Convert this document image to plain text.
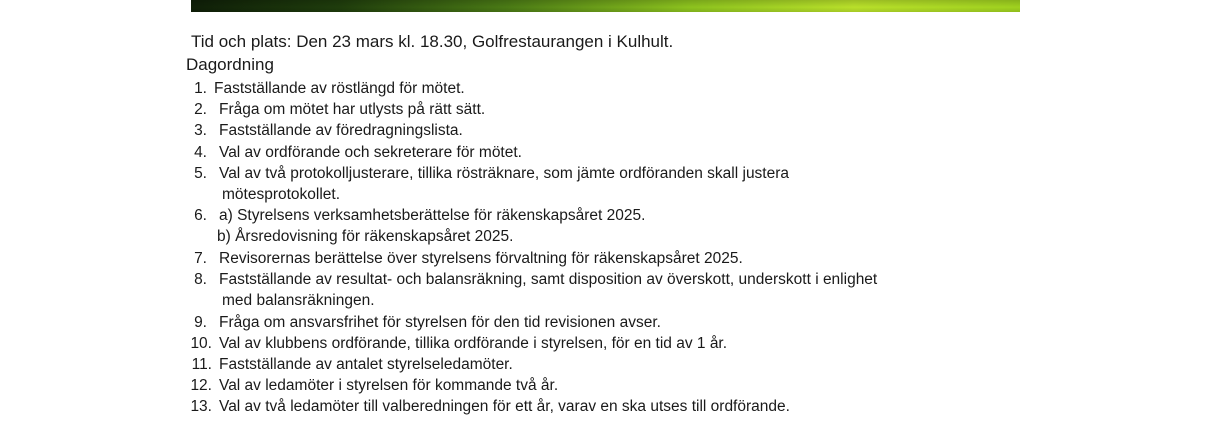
Tid och plats: Den 23 mars kl. 18.30, Golfrestaurangen i Kulhult.
Dagordning
1. Fastställande av röstlängd för mötet.
2. Fråga om mötet har utlysts på rätt sätt.
3. Fastställande av föredragningslista.
4. Val av ordförande och sekreterare för mötet.
5. Val av två protokolljusterare, tillika rösträknare, som jämte ordföranden skall justera
mötesprotokollet.
6. a) Styrelsens verksamhetsberättelse för räkenskapsåret 2025.
b) Årsredovisning för räkenskapsåret 2025.
7. Revisorernas berättelse över styrelsens förvaltning för räkenskapsåret 2025.
8. Fastställande av resultat- och balansräkning, samt disposition av överskott, underskott i enlighet
med balansräkningen.
9. Fråga om ansvarsfrihet för styrelsen för den tid revisionen avser.
10. Val av klubbens ordförande, tillika ordförande i styrelsen, för en tid av 1 år.
11. Fastställande av antalet styrelseledamöter.
12. Val av ledamöter i styrelsen för kommande två år.
13. Val av två ledamöter till valberedningen för ett år, varav en ska utses till ordförande.
